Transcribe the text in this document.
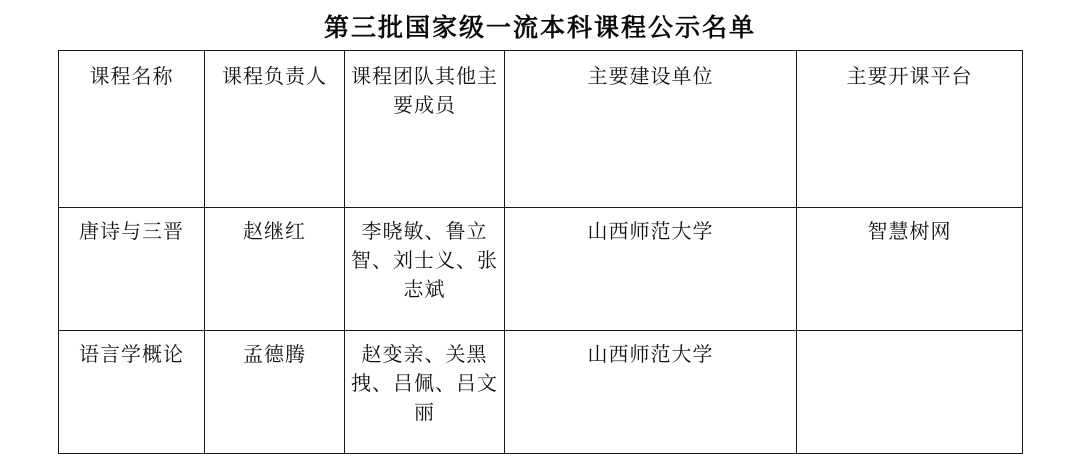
第三批国家级一流本科课程公示名单
课程名称	课程负责人	课程团队其他主要成员	主要建设单位	主要开课平台

唐诗与三晋	赵继红	李晓敏、鲁立智、刘士义、张志斌	山西师范大学	智慧树网

语言学概论	孟德腾	赵变亲、关黑拽、吕佩、吕文丽	山西师范大学	
